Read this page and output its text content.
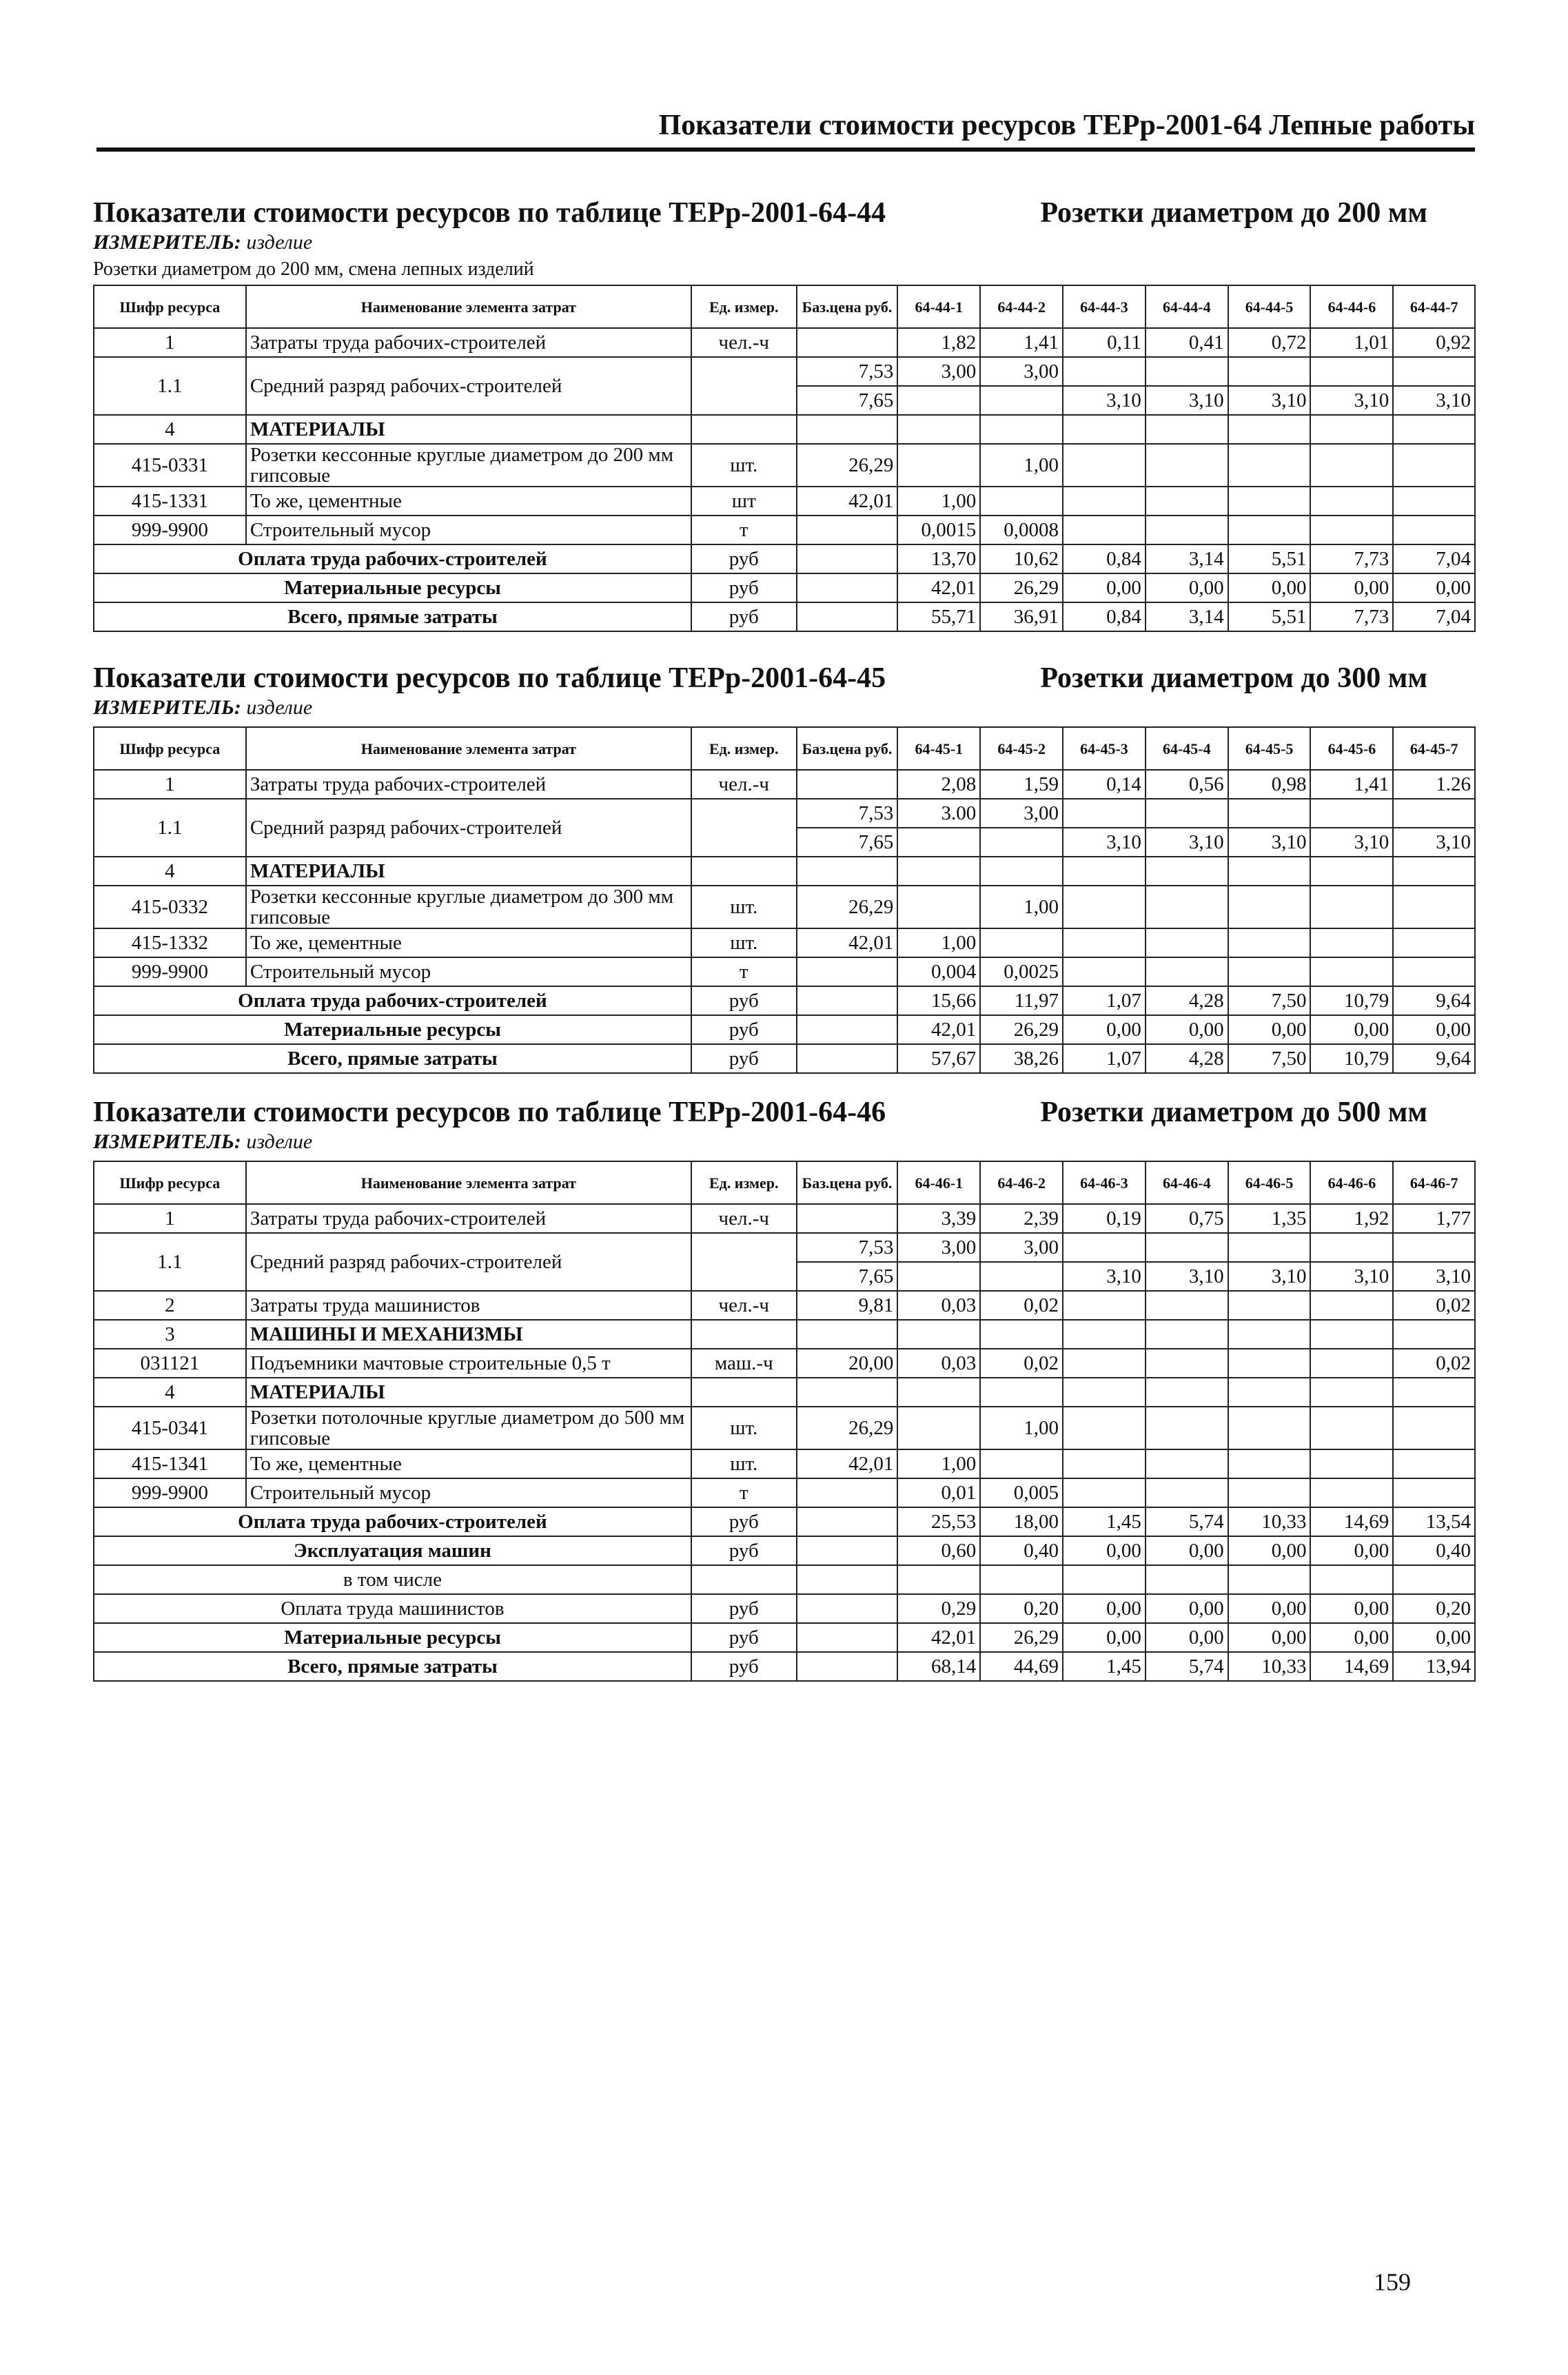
Показатели стоимости ресурсов ТЕРр-2001-64 Лепные работы
Показатели стоимости ресурсов по таблице ТЕРр-2001-64-44	Розетки диаметром до 200 мм
ИЗМЕРИТЕЛЬ: изделие
Розетки диаметром до 200 мм, смена лепных изделий
Шифр ресурса	Наименование элемента затрат	Ед. измер.	Баз.цена руб.	64-44-1	64-44-2	64-44-3	64-44-4	64-44-5	64-44-6	64-44-7
1	Затраты труда рабочих-строителей	чел.-ч		1,82	1,41	0,11	0,41	0,72	1,01	0,92
1.1	Средний разряд рабочих-строителей		7,53	3,00	3,00					
			7,65			3,10	3,10	3,10	3,10	3,10
4	МАТЕРИАЛЫ									
415-0331	Розетки кессонные круглые диаметром до 200 мм гипсовые	шт.	26,29		1,00					
415-1331	То же, цементные	шт	42,01	1,00						
999-9900	Строительный мусор	т		0,0015	0,0008					
Оплата труда рабочих-строителей		руб		13,70	10,62	0,84	3,14	5,51	7,73	7,04
Материальные ресурсы		руб		42,01	26,29	0,00	0,00	0,00	0,00	0,00
Всего, прямые затраты		руб		55,71	36,91	0,84	3,14	5,51	7,73	7,04
Показатели стоимости ресурсов по таблице ТЕРр-2001-64-45	Розетки диаметром до 300 мм
ИЗМЕРИТЕЛЬ: изделие
Шифр ресурса	Наименование элемента затрат	Ед. измер.	Баз.цена руб.	64-45-1	64-45-2	64-45-3	64-45-4	64-45-5	64-45-6	64-45-7
1	Затраты труда рабочих-строителей	чел.-ч		2,08	1,59	0,14	0,56	0,98	1,41	1.26
1.1	Средний разряд рабочих-строителей		7,53	3.00	3,00					
			7,65			3,10	3,10	3,10	3,10	3,10
4	МАТЕРИАЛЫ									
415-0332	Розетки кессонные круглые диаметром до 300 мм гипсовые	шт.	26,29		1,00					
415-1332	То же, цементные	шт.	42,01	1,00						
999-9900	Строительный мусор	т		0,004	0,0025					
Оплата труда рабочих-строителей		руб		15,66	11,97	1,07	4,28	7,50	10,79	9,64
Материальные ресурсы		руб		42,01	26,29	0,00	0,00	0,00	0,00	0,00
Всего, прямые затраты		руб		57,67	38,26	1,07	4,28	7,50	10,79	9,64
Показатели стоимости ресурсов по таблице ТЕРр-2001-64-46	Розетки диаметром до 500 мм
ИЗМЕРИТЕЛЬ: изделие
Шифр ресурса	Наименование элемента затрат	Ед. измер.	Баз.цена руб.	64-46-1	64-46-2	64-46-3	64-46-4	64-46-5	64-46-6	64-46-7
1	Затраты труда рабочих-строителей	чел.-ч		3,39	2,39	0,19	0,75	1,35	1,92	1,77
1.1	Средний разряд рабочих-строителей		7,53	3,00	3,00					
			7,65			3,10	3,10	3,10	3,10	3,10
2	Затраты труда машинистов	чел.-ч	9,81	0,03	0,02					0,02
3	МАШИНЫ И МЕХАНИЗМЫ									
031121	Подъемники мачтовые строительные 0,5 т	маш.-ч	20,00	0,03	0,02					0,02
4	МАТЕРИАЛЫ									
415-0341	Розетки потолочные круглые диаметром до 500 мм гипсовые	шт.	26,29		1,00					
415-1341	То же, цементные	шт.	42,01	1,00						
999-9900	Строительный мусор	т		0,01	0,005					
Оплата труда рабочих-строителей		руб		25,53	18,00	1,45	5,74	10,33	14,69	13,54
Эксплуатация машин		руб		0,60	0,40	0,00	0,00	0,00	0,00	0,40
в том числе										
Оплата труда машинистов		руб		0,29	0,20	0,00	0,00	0,00	0,00	0,20
Материальные ресурсы		руб		42,01	26,29	0,00	0,00	0,00	0,00	0,00
Всего, прямые затраты		руб		68,14	44,69	1,45	5,74	10,33	14,69	13,94
159
